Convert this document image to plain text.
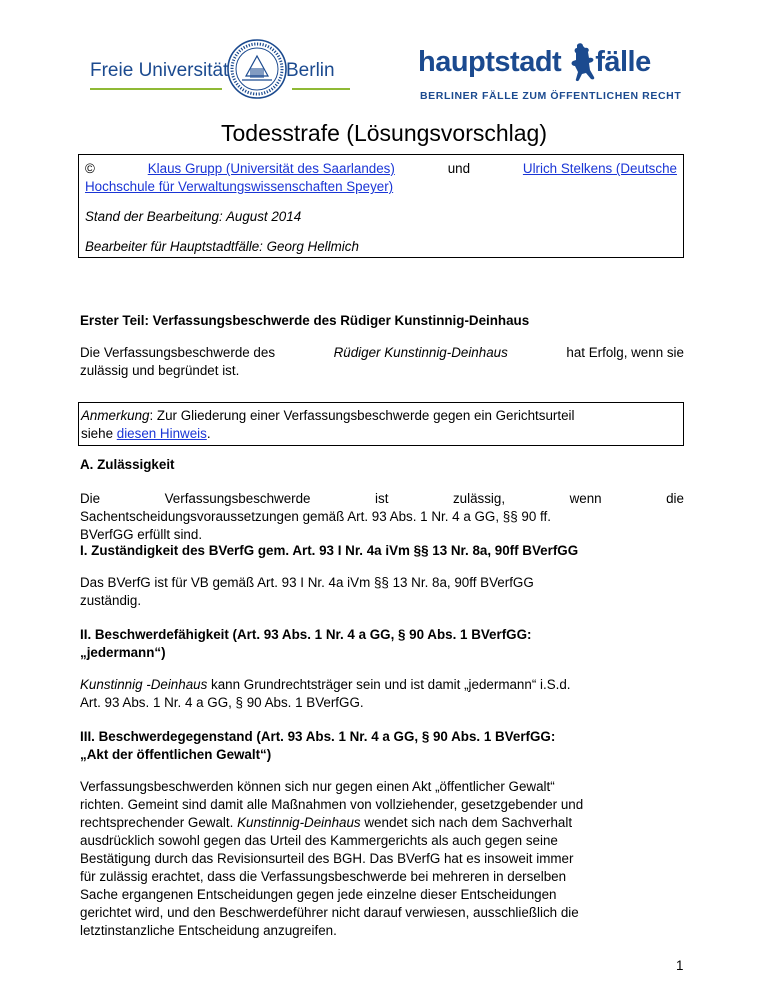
Freie Universität	Berlin	hauptstadt fälle
BERLINER FÄLLE ZUM ÖFFENTLICHEN RECHT
Todesstrafe (Lösungsvorschlag)

©	Klaus Grupp (Universität des Saarlandes)	und	Ulrich Stelkens (Deutsche

Hochschule für Verwaltungswissenschaften Speyer)

Stand der Bearbeitung: August 2014

Bearbeiter für Hauptstadtfälle: Georg Hellmich

Erster Teil: Verfassungsbeschwerde des Rüdiger Kunstinnig-Deinhaus

Die Verfassungsbeschwerde des	Rüdiger Kunstinnig-Deinhaus	hat Erfolg, wenn sie

zulässig und begründet ist.

Anmerkung: Zur Gliederung einer Verfassungsbeschwerde gegen ein Gerichtsurteil

siehe diesen Hinweis.

A. Zulässigkeit

Die	Verfassungsbeschwerde	ist	zulässig,	wenn	die

Sachentscheidungsvoraussetzungen gemäß Art. 93 Abs. 1 Nr. 4 a GG, §§ 90 ff.

BVerfGG erfüllt sind.

I. Zuständigkeit des BVerfG gem. Art. 93 I Nr. 4a iVm §§ 13 Nr. 8a, 90ff BVerfGG

Das BVerfG ist für VB gemäß Art. 93 I Nr. 4a iVm §§ 13 Nr. 8a, 90ff BVerfGG

zuständig.

II. Beschwerdefähigkeit (Art. 93 Abs. 1 Nr. 4 a GG, § 90 Abs. 1 BVerfGG:

„jedermann“)

Kunstinnig -Deinhaus kann Grundrechtsträger sein und ist damit „jedermann“ i.S.d.

Art. 93 Abs. 1 Nr. 4 a GG, § 90 Abs. 1 BVerfGG.

III. Beschwerdegegenstand (Art. 93 Abs. 1 Nr. 4 a GG, § 90 Abs. 1 BVerfGG:

„Akt der öffentlichen Gewalt“)

Verfassungsbeschwerden können sich nur gegen einen Akt „öffentlicher Gewalt“

richten. Gemeint sind damit alle Maßnahmen von vollziehender, gesetzgebender und

rechtsprechender Gewalt. Kunstinnig-Deinhaus wendet sich nach dem Sachverhalt

ausdrücklich sowohl gegen das Urteil des Kammergerichts als auch gegen seine

Bestätigung durch das Revisionsurteil des BGH. Das BVerfG hat es insoweit immer

für zulässig erachtet, dass die Verfassungsbeschwerde bei mehreren in derselben

Sache ergangenen Entscheidungen gegen jede einzelne dieser Entscheidungen

gerichtet wird, und den Beschwerdeführer nicht darauf verwiesen, ausschließlich die

letztinstanzliche Entscheidung anzugreifen.

1
